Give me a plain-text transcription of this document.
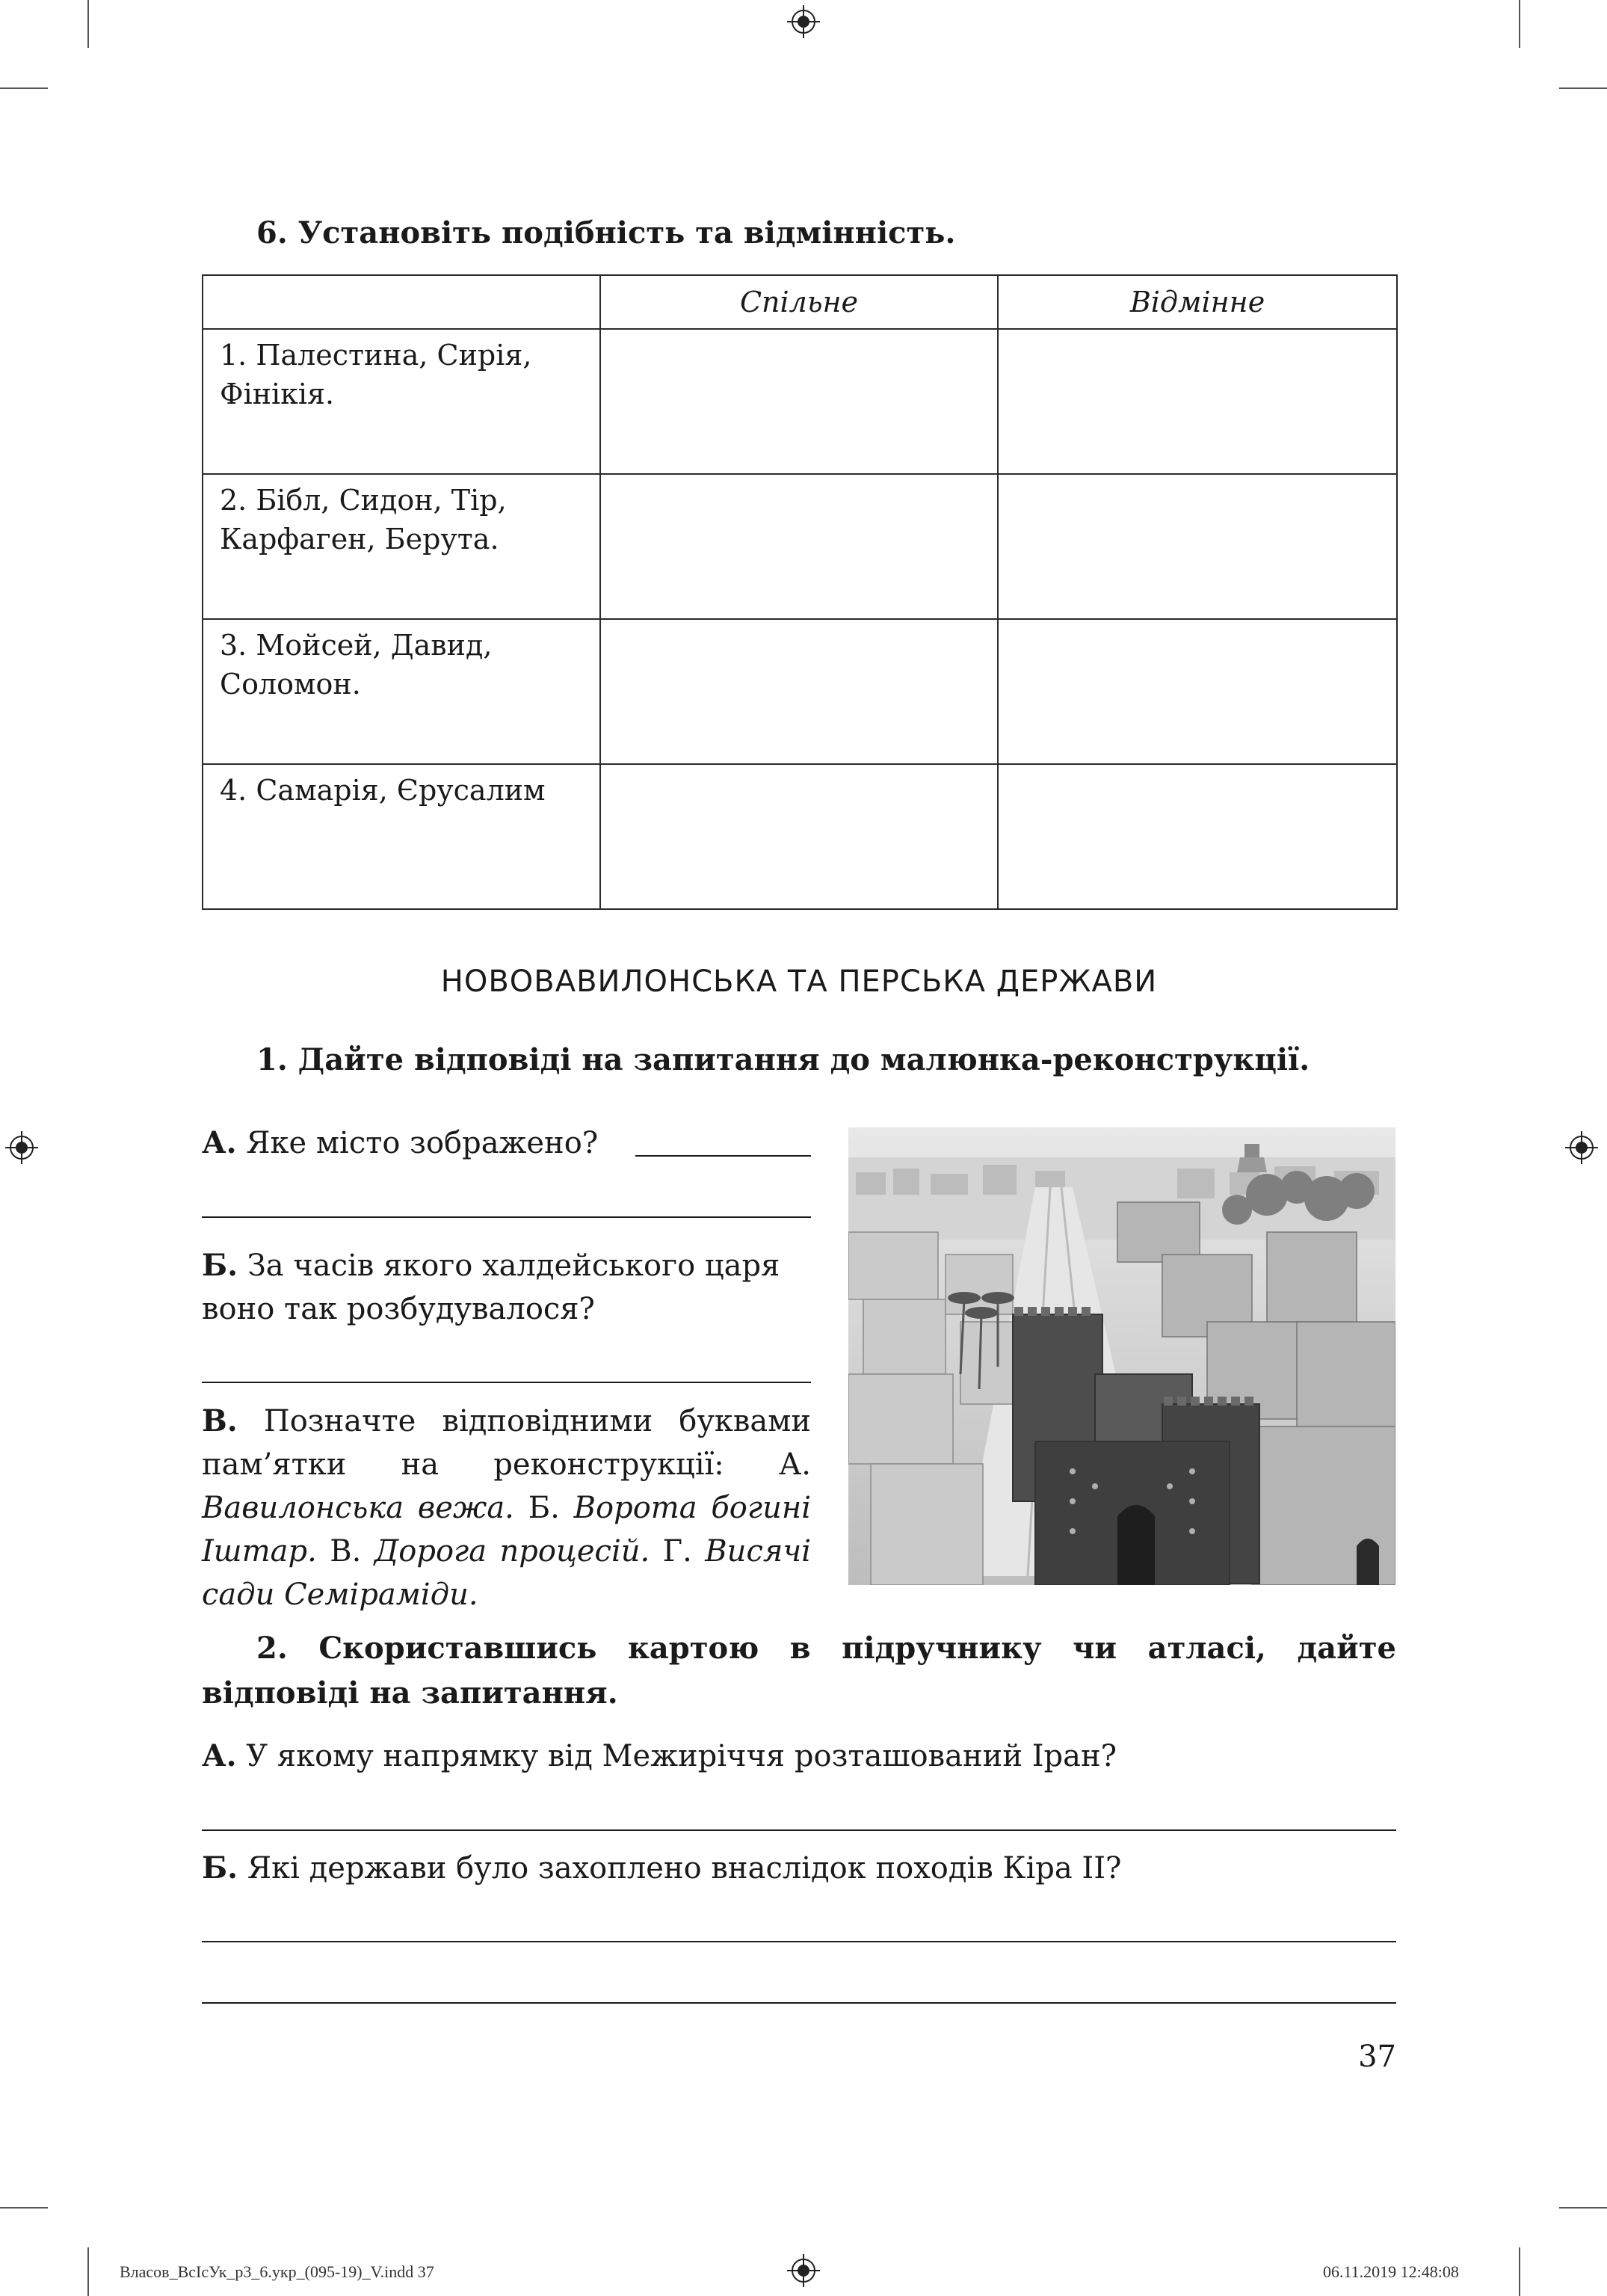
6. Установіть подібність та відмінність.
	Спільне	Відмінне
1. Палестина, Сирія, Фінікія.		
2. Бібл, Сидон, Тір, Карфаген, Берута.		
3. Мойсей, Давид, Соломон.		
4. Самарія, Єрусалим		
НОВОВАВИЛОНСЬКА ТА ПЕРСЬКА ДЕРЖАВИ
1. Дайте відповіді на запитання до малюнка-реконструкції.
А. Яке місто зображено?
Б. За часів якого халдейського царя воно так розбудувалося?
В. Позначте відповідними буквами пам’ятки на реконструкції: А. Вавилонська вежа. Б. Ворота богині Іштар. В. Дорога процесій. Г. Висячі сади Семіраміди.
2. Скориставшись картою в підручнику чи атласі, дайте відповіді на запитання.
А. У якому напрямку від Межиріччя розташований Іран?
Б. Які держави було захоплено внаслідок походів Кіра ІІ?
37
Власов_ВсІсУк_р3_6.укр_(095-19)_V.indd 37	06.11.2019 12:48:08
